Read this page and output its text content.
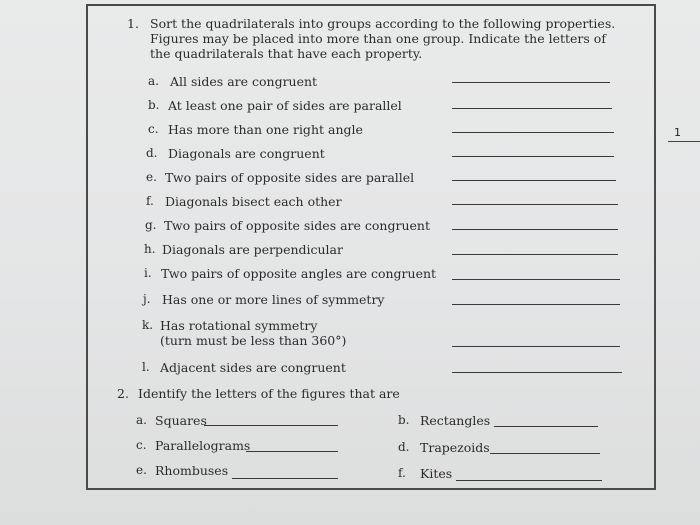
1. Sort the quadrilaterals into groups according to the following properties. Figures may be placed into more than one group. Indicate the letters of the quadrilaterals that have each property.
a. All sides are congruent
b. At least one pair of sides are parallel
c. Has more than one right angle
d. Diagonals are congruent
e. Two pairs of opposite sides are parallel
f. Diagonals bisect each other
g. Two pairs of opposite sides are congruent
h. Diagonals are perpendicular
i. Two pairs of opposite angles are congruent
j. Has one or more lines of symmetry
k. Has rotational symmetry
(turn must be less than 360°)
l. Adjacent sides are congruent
2. Identify the letters of the figures that are
a. Squares	b. Rectangles
c. Parallelograms	d. Trapezoids
e. Rhombuses	f. Kites
1
